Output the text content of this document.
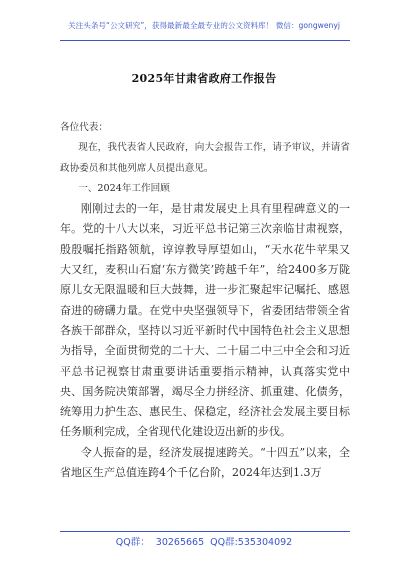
关注头条号“公文研究”，获得最新最全最专业的公文资料库！ 微信：gongwenyj
2025年甘肃省政府工作报告

各位代表：

现在，我代表省人民政府，向大会报告工作，请予审议，并请省政协委员和其他列席人员提出意见。

一、2024年工作回顾

刚刚过去的一年，是甘肃发展史上具有里程碑意义的一年。党的十八大以来，习近平总书记第三次亲临甘肃视察，殷殷嘱托指路领航，谆谆教导厚望如山，“天水花牛苹果又大又红，麦积山石窟‘东方微笑’跨越千年”，给2400多万陇原儿女无限温暖和巨大鼓舞，进一步汇聚起牢记嘱托、感恩奋进的磅礴力量。在党中央坚强领导下，省委团结带领全省各族干部群众，坚持以习近平新时代中国特色社会主义思想为指导，全面贯彻党的二十大、二十届二中三中全会和习近平总书记视察甘肃重要讲话重要指示精神，认真落实党中央、国务院决策部署，竭尽全力拼经济、抓重建、化债务，统筹用力护生态、惠民生、保稳定，经济社会发展主要目标任务顺利完成，全省现代化建设迈出新的步伐。

令人振奋的是，经济发展提速跨关。“十四五”以来，全省地区生产总值连跨4个千亿台阶，2024年达到1.3万

QQ群： 30265665 QQ群:535304092
